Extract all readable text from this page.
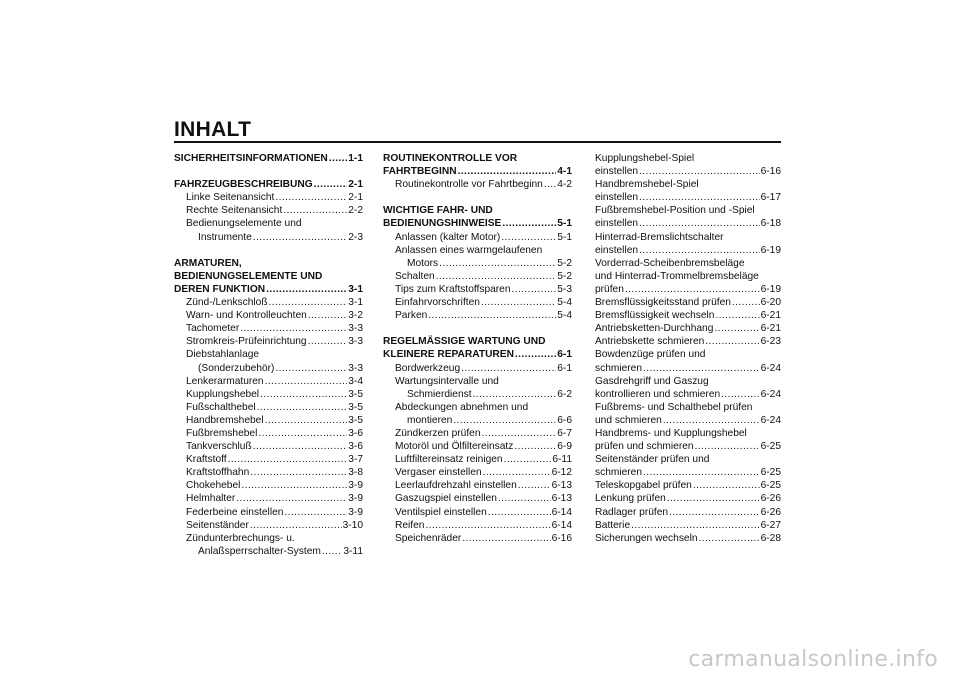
INHALT
SICHERHEITSINFORMATIONEN ..... 1-1
FAHRZEUGBESCHREIBUNG .....	2-1
Linke Seitenansicht .....	2-1
Rechte Seitenansicht .....	2-2
Bedienungselemente und
Instrumente .....	2-3
ARMATUREN,
BEDIENUNGSELEMENTE UND
DEREN FUNKTION .....	3-1
Zünd-/Lenkschloß .....	3-1
Warn- und Kontrolleuchten .....	3-2
Tachometer .....	3-3
Stromkreis-Prüfeinrichtung .....	3-3
Diebstahlanlage
(Sonderzubehör) .....	3-3
Lenkerarmaturen .....	3-4
Kupplungshebel .....	3-5
Fußschalthebel .....	3-5
Handbremshebel .....	3-5
Fußbremshebel .....	3-6
Tankverschluß .....	3-6
Kraftstoff .....	3-7
Kraftstoffhahn .....	3-8
Chokehebel .....	3-9
Helmhalter .....	3-9
Federbeine einstellen .....	3-9
Seitenständer .....	3-10
Zündunterbrechungs- u.
Anlaßsperrschalter-System ..... 3-11
ROUTINEKONTROLLE VOR
FAHRTBEGINN .....	4-1
Routinekontrolle vor Fahrtbeginn ..... 4-2
WICHTIGE FAHR- UND
BEDIENUNGSHINWEISE .....	5-1
Anlassen (kalter Motor) .....	5-1
Anlassen eines warmgelaufenen
Motors .....	5-2
Schalten .....	5-2
Tips zum Kraftstoffsparen .....	5-3
Einfahrvorschriften .....	5-4
Parken .....	5-4
REGELMÄSSIGE WARTUNG UND
KLEINERE REPARATUREN .....	6-1
Bordwerkzeug .....	6-1
Wartungsintervalle und
Schmierdienst .....	6-2
Abdeckungen abnehmen und
montieren .....	6-6
Zündkerzen prüfen .....	6-7
Motoröl und Ölfiltereinsatz .....	6-9
Luftfiltereinsatz reinigen .....	6-11
Vergaser einstellen .....	6-12
Leerlaufdrehzahl einstellen .....	6-13
Gaszugspiel einstellen .....	6-13
Ventilspiel einstellen .....	6-14
Reifen .....	6-14
Speichenräder .....	6-16
Kupplungshebel-Spiel
einstellen .....	6-16
Handbremshebel-Spiel
einstellen .....	6-17
Fußbremshebel-Position und -Spiel
einstellen .....	6-18
Hinterrad-Bremslichtschalter
einstellen .....	6-19
Vorderrad-Scheibenbremsbeläge
und Hinterrad-Trommelbremsbeläge
prüfen .....	6-19
Bremsflüssigkeitsstand prüfen .....	6-20
Bremsflüssigkeit wechseln .....	6-21
Antriebsketten-Durchhang .....	6-21
Antriebskette schmieren .....	6-23
Bowdenzüge prüfen und
schmieren .....	6-24
Gasdrehgriff und Gaszug
kontrollieren und schmieren .....	6-24
Fußbrems- und Schalthebel prüfen
und schmieren .....	6-24
Handbrems- und Kupplungshebel
prüfen und schmieren .....	6-25
Seitenständer prüfen und
schmieren .....	6-25
Teleskopgabel prüfen .....	6-25
Lenkung prüfen .....	6-26
Radlager prüfen .....	6-26
Batterie .....	6-27
Sicherungen wechseln .....	6-28
carmanualsonline.info
